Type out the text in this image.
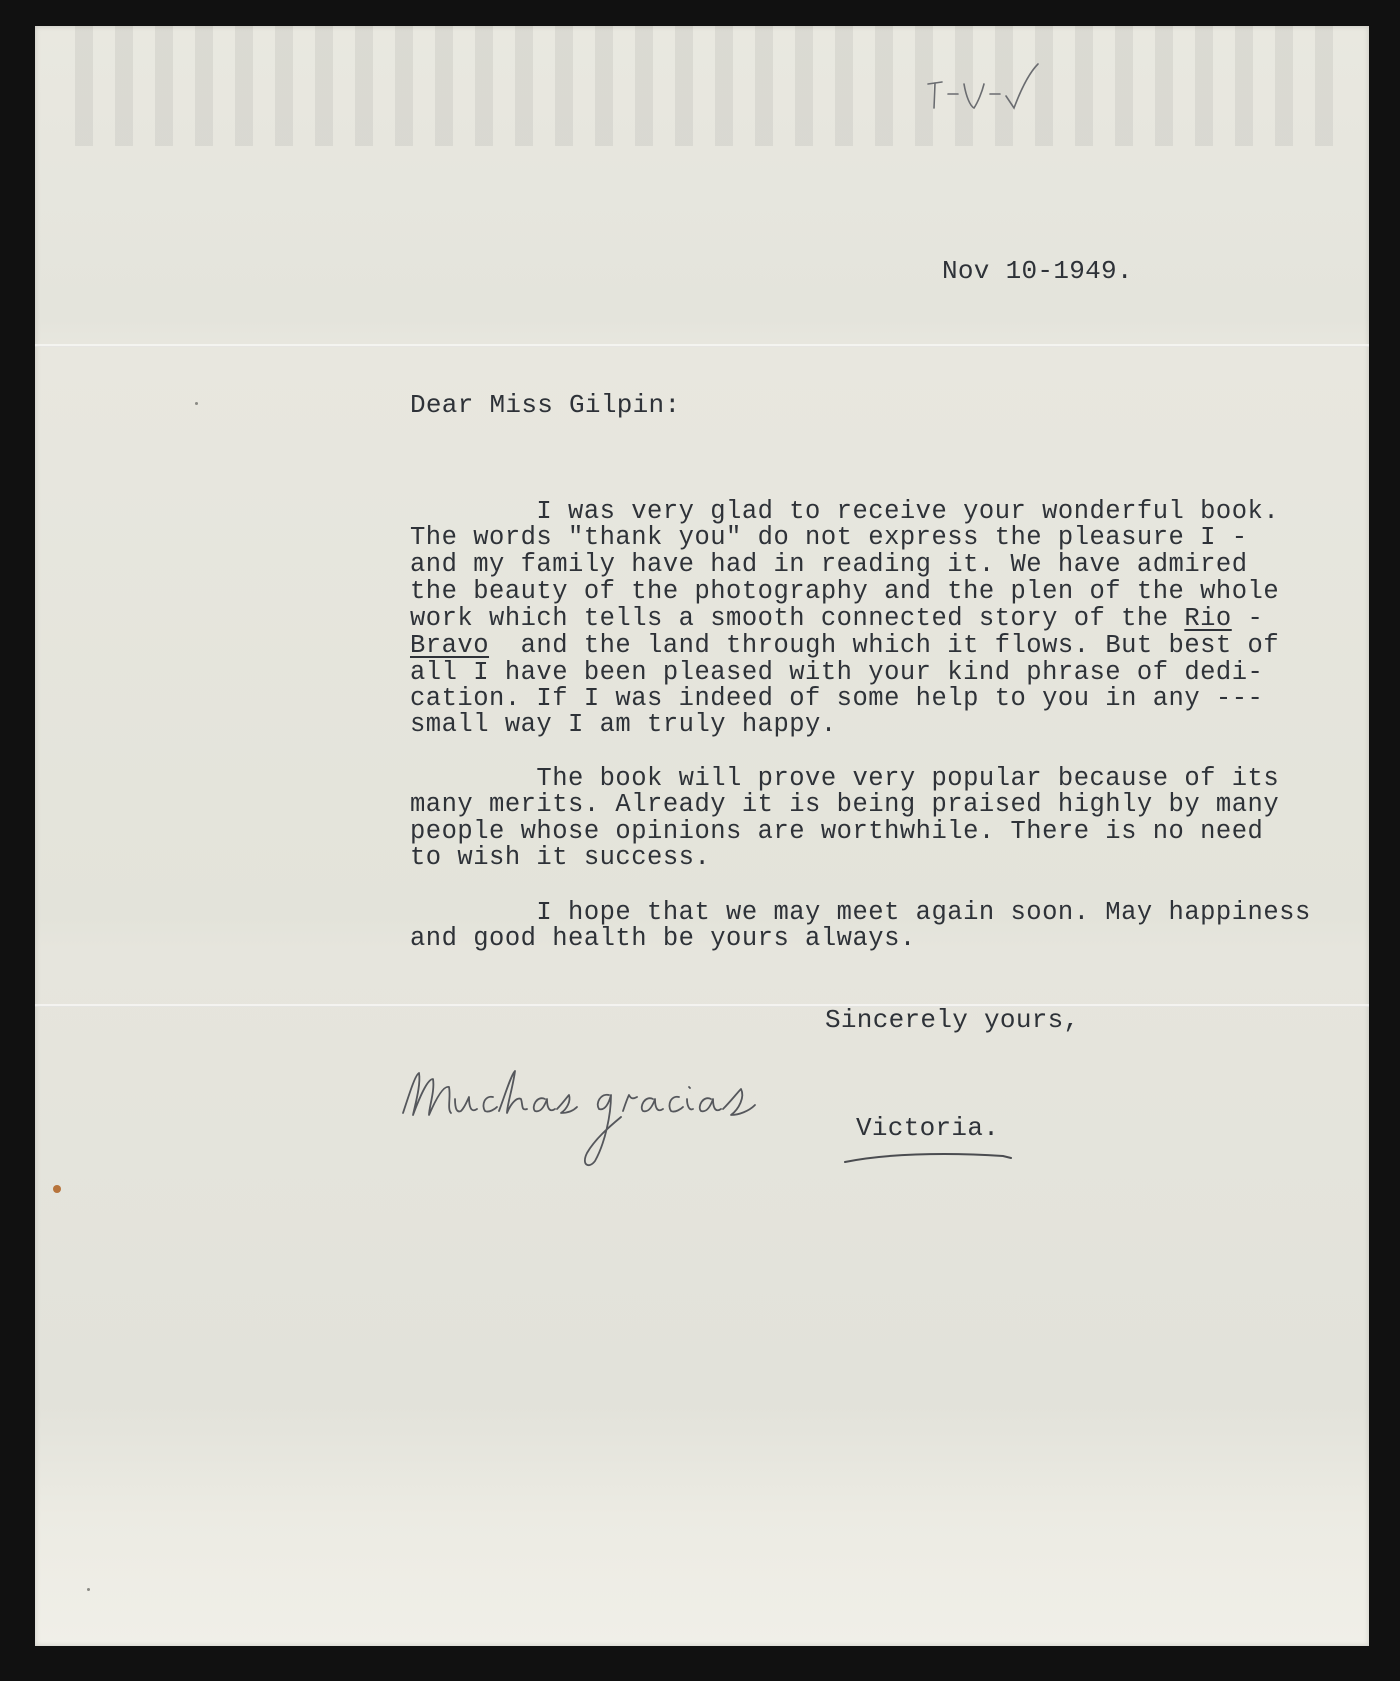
Nov 10-1949.
Dear Miss Gilpin:
I was very glad to receive your wonderful book.
The words "thank you" do not express the pleasure I -
and my family have had in reading it. We have admired
the beauty of the photography and the plen of the whole
work which tells a smooth connected story of the Rio -
Bravo  and the land through which it flows. But best of
all I have been pleased with your kind phrase of dedi-
cation. If I was indeed of some help to you in any ---
small way I am truly happy.
The book will prove very popular because of its
many merits. Already it is being praised highly by many
people whose opinions are worthwhile. There is no need
to wish it success.
I hope that we may meet again soon. May happiness
and good health be yours always.
Sincerely yours,
Victoria.
